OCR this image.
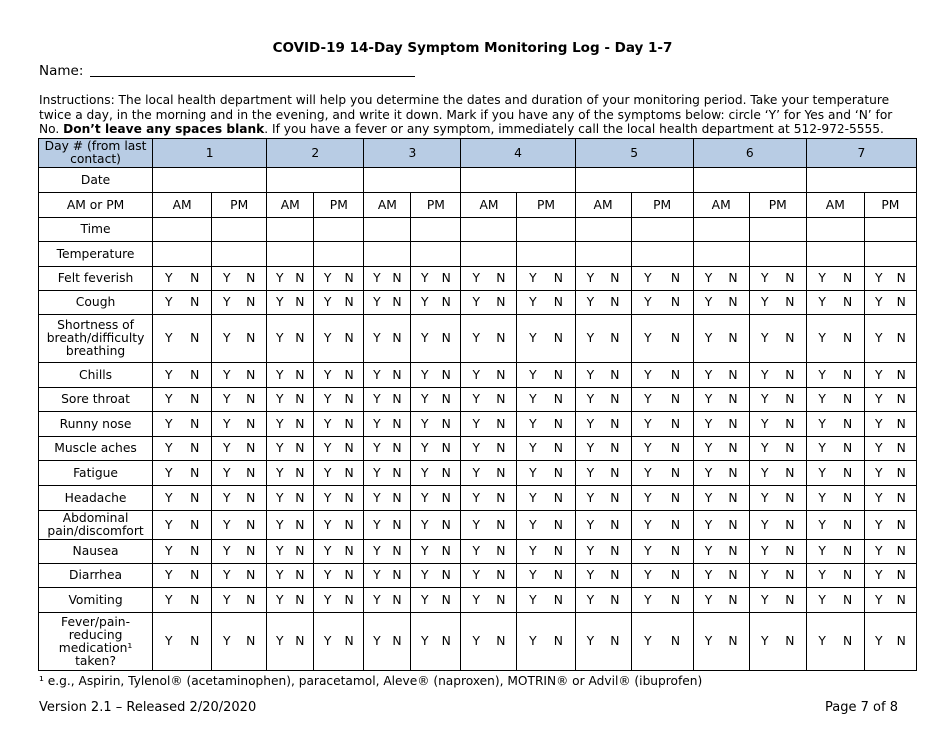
COVID-19 14-Day Symptom Monitoring Log - Day 1-7
Name:
Instructions: The local health department will help you determine the dates and duration of your monitoring period. Take your temperature twice a day, in the morning and in the evening, and write it down. Mark if you have any of the symptoms below: circle ‘Y’ for Yes and ‘N’ for No. Don’t leave any spaces blank. If you have a fever or any symptom, immediately call the local health department at 512-972-5555.
Day # (from last contact)	1		2		3		4		5		6		7	
Date														
AM or PM	AM	PM	AM	PM	AM	PM	AM	PM	AM	PM	AM	PM	AM	PM
Time														
Temperature														
Felt feverish	Y N	Y N	Y N	Y N	Y N	Y N	Y N	Y N	Y N	Y N	Y N	Y N	Y N	Y N

Cough	Y N	Y N	Y N	Y N	Y N	Y N	Y N	Y N	Y N	Y N	Y N	Y N	Y N	Y N

Shortness of breath/difficulty breathing	Y N	Y N	Y N	Y N	Y N	Y N	Y N	Y N	Y N	Y N	Y N	Y N	Y N	Y N

Chills	Y N	Y N	Y N	Y N	Y N	Y N	Y N	Y N	Y N	Y N	Y N	Y N	Y N	Y N

Sore throat	Y N	Y N	Y N	Y N	Y N	Y N	Y N	Y N	Y N	Y N	Y N	Y N	Y N	Y N

Runny nose	Y N	Y N	Y N	Y N	Y N	Y N	Y N	Y N	Y N	Y N	Y N	Y N	Y N	Y N

Muscle aches	Y N	Y N	Y N	Y N	Y N	Y N	Y N	Y N	Y N	Y N	Y N	Y N	Y N	Y N

Fatigue	Y N	Y N	Y N	Y N	Y N	Y N	Y N	Y N	Y N	Y N	Y N	Y N	Y N	Y N

Headache	Y N	Y N	Y N	Y N	Y N	Y N	Y N	Y N	Y N	Y N	Y N	Y N	Y N	Y N

Abdominal pain/discomfort	Y N	Y N	Y N	Y N	Y N	Y N	Y N	Y N	Y N	Y N	Y N	Y N	Y N	Y N

Nausea	Y N	Y N	Y N	Y N	Y N	Y N	Y N	Y N	Y N	Y N	Y N	Y N	Y N	Y N

Diarrhea	Y N	Y N	Y N	Y N	Y N	Y N	Y N	Y N	Y N	Y N	Y N	Y N	Y N	Y N

Vomiting	Y N	Y N	Y N	Y N	Y N	Y N	Y N	Y N	Y N	Y N	Y N	Y N	Y N	Y N

Fever/pain-reducing medication¹ taken?	Y N	Y N	Y N	Y N	Y N	Y N	Y N	Y N	Y N	Y N	Y N	Y N	Y N	Y N
¹ e.g., Aspirin, Tylenol® (acetaminophen), paracetamol, Aleve® (naproxen), MOTRIN® or Advil® (ibuprofen)
Version 2.1 – Released 2/20/2020	Page 7 of 8
